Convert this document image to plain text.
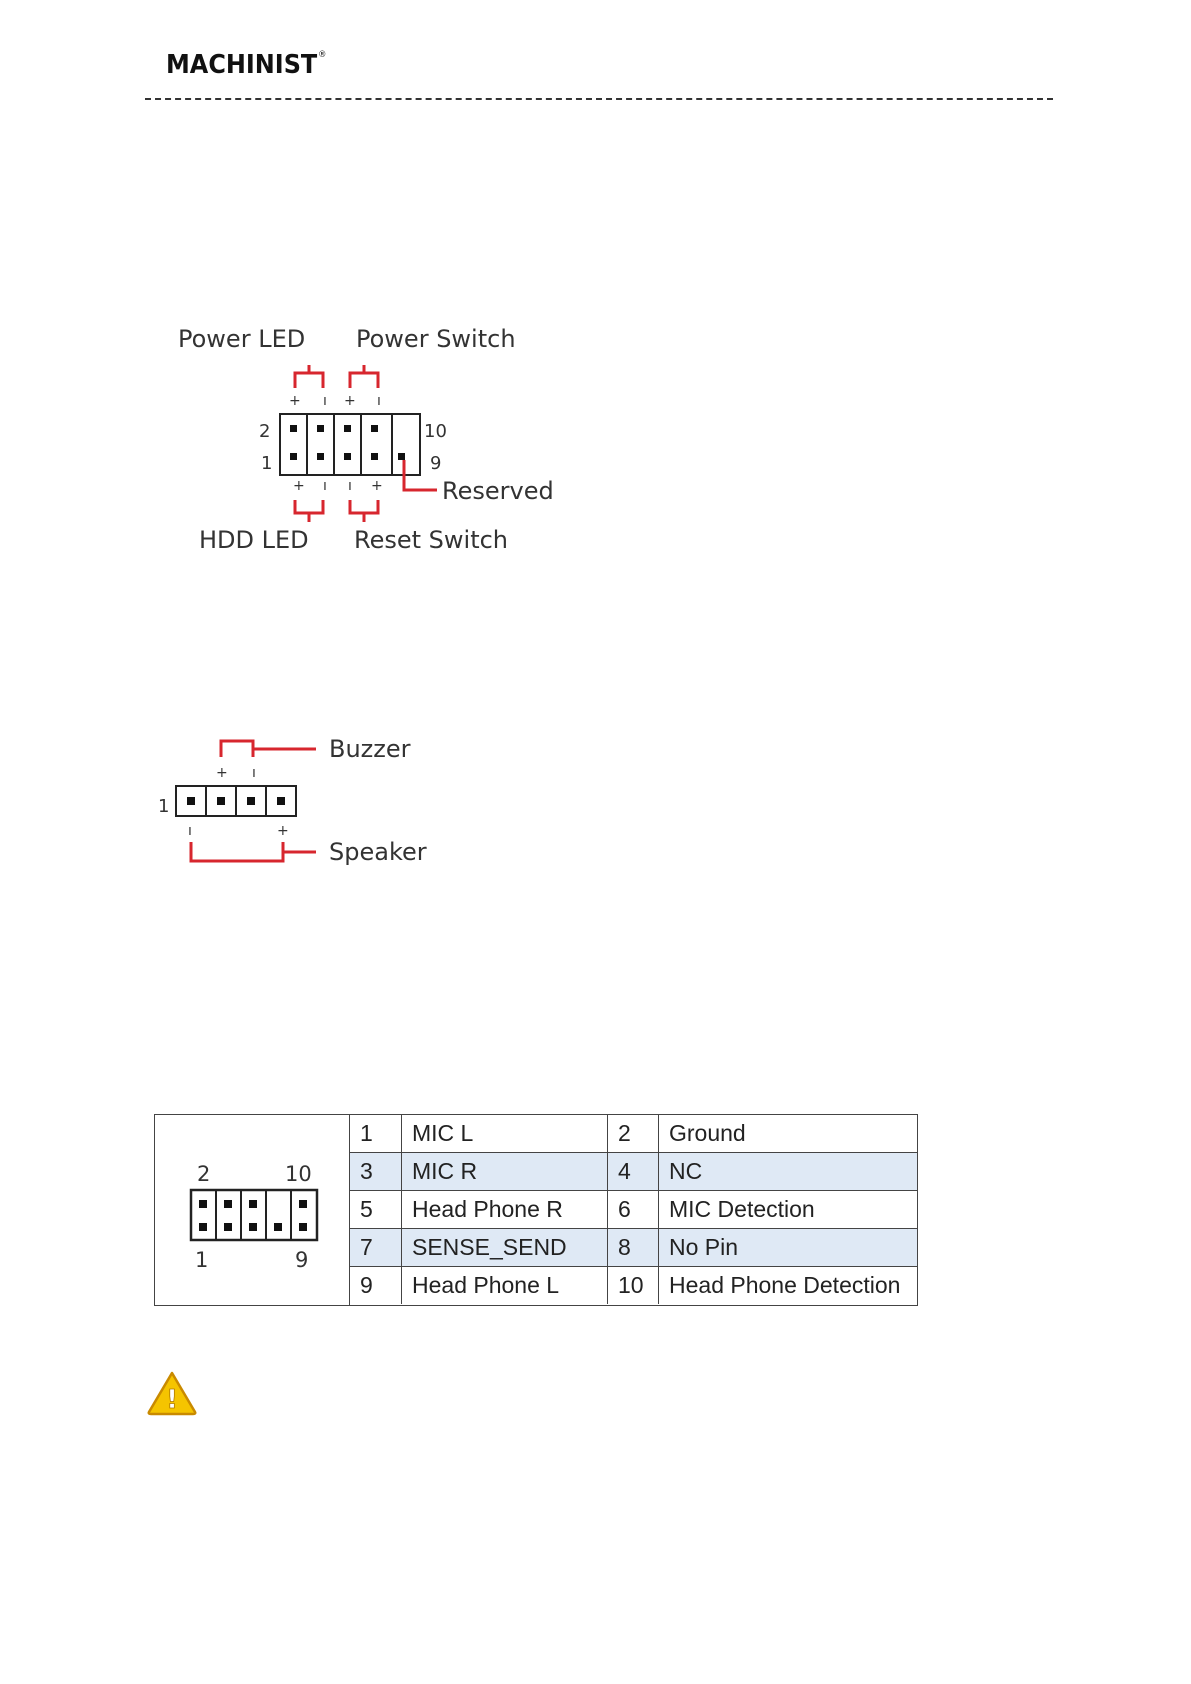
MACHINIST®
Power LED Power Switch
+ ı + ı
2
1
10
9
Reserved
+ ı ı +
HDD LED Reset Switch
Buzzer
+ ı
1
ı	+
Speaker
2	10
1	9
1	MIC L	2	Ground
3	MIC R	4	NC
5	Head Phone R	6	MIC Detection
7	SENSE_SEND	8	No Pin
9	Head Phone L	10	Head Phone Detection
!
